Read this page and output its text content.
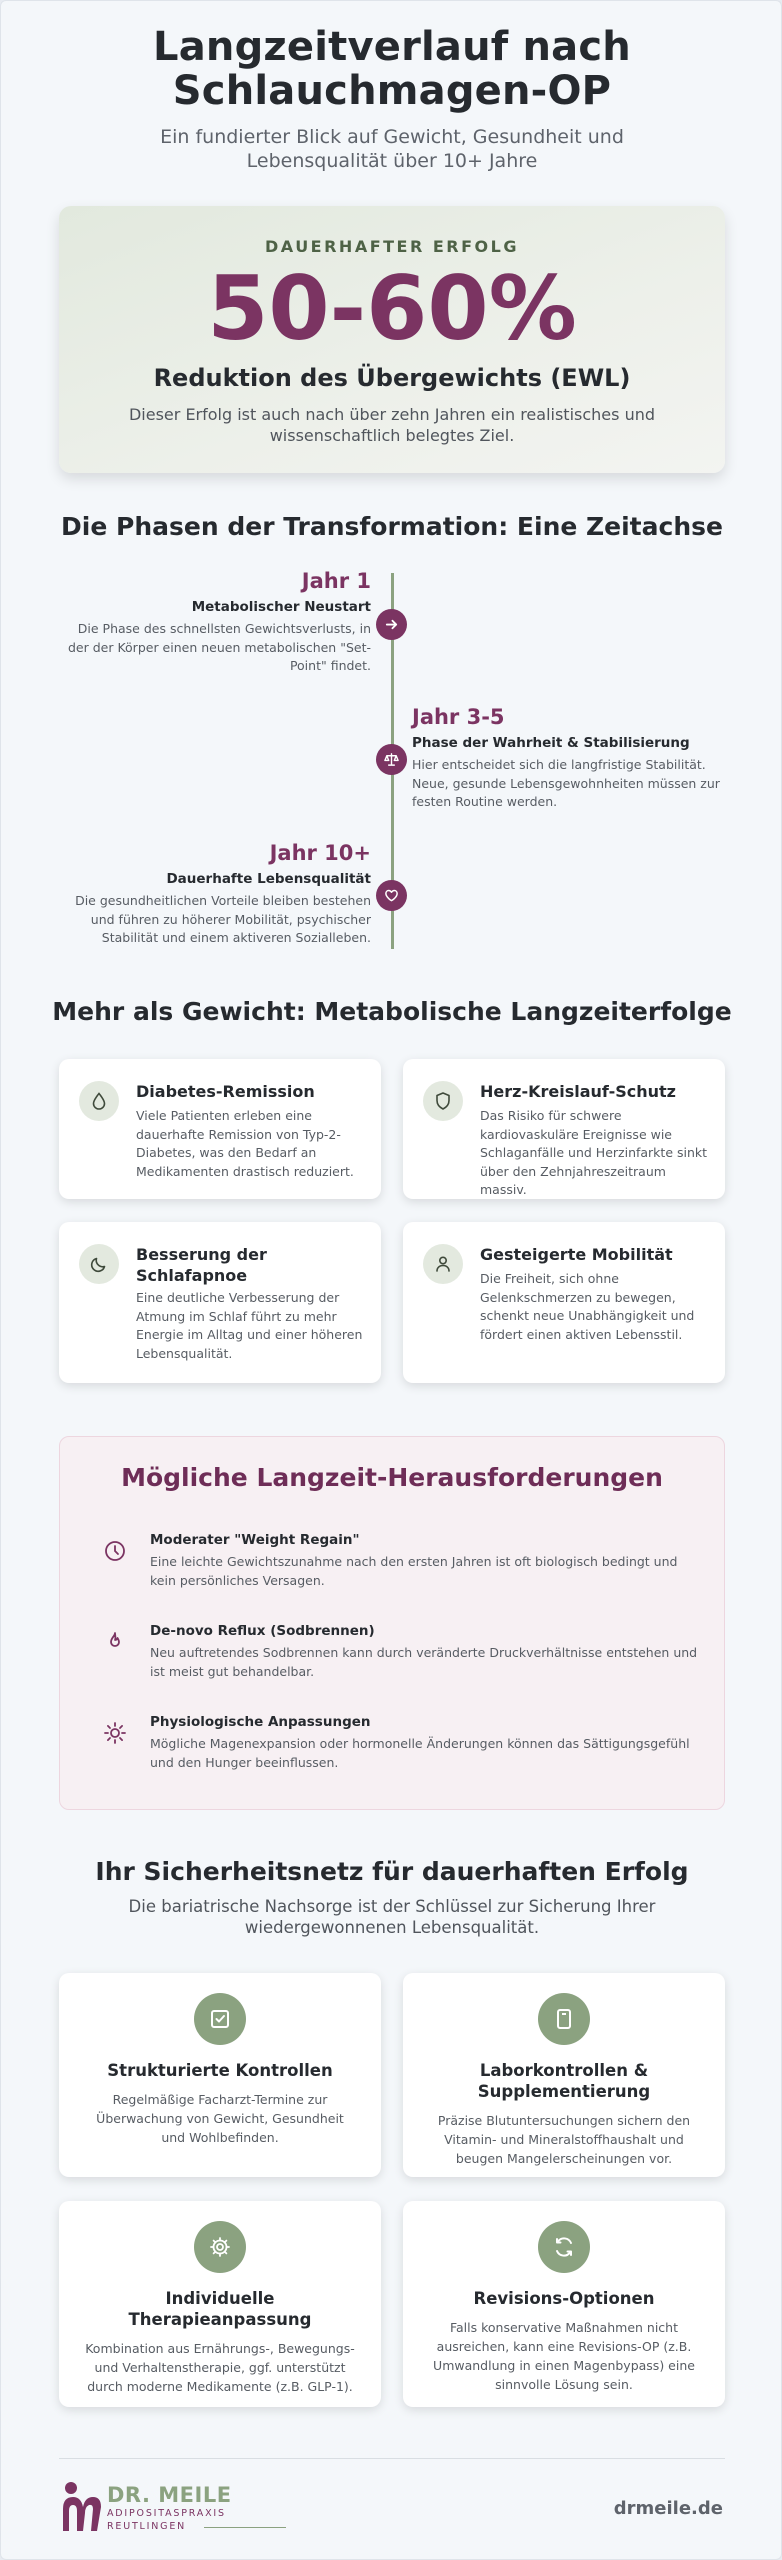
Langzeitverlauf nach
Schlauchmagen-OP
Ein fundierter Blick auf Gewicht, Gesundheit und Lebensqualität über 10+ Jahre
DAUERHAFTER ERFOLG
50-60%
Reduktion des Übergewichts (EWL)
Dieser Erfolg ist auch nach über zehn Jahren ein realistisches und wissenschaftlich belegtes Ziel.
Die Phasen der Transformation: Eine Zeitachse
Jahr 1
Metabolischer Neustart
Die Phase des schnellsten Gewichtsverlusts, in der der Körper einen neuen metabolischen "Set-Point" findet.
Jahr 3-5
Phase der Wahrheit & Stabilisierung
Hier entscheidet sich die langfristige Stabilität. Neue, gesunde Lebensgewohnheiten müssen zur festen Routine werden.
Jahr 10+
Dauerhafte Lebensqualität
Die gesundheitlichen Vorteile bleiben bestehen und führen zu höherer Mobilität, psychischer Stabilität und einem aktiveren Sozialleben.
Mehr als Gewicht: Metabolische Langzeiterfolge
Diabetes-Remission
Viele Patienten erleben eine dauerhafte Remission von Typ-2-Diabetes, was den Bedarf an Medikamenten drastisch reduziert.
Herz-Kreislauf-Schutz
Das Risiko für schwere kardiovaskuläre Ereignisse wie Schlaganfälle und Herzinfarkte sinkt über den Zehnjahreszeitraum massiv.
Besserung der Schlafapnoe
Eine deutliche Verbesserung der Atmung im Schlaf führt zu mehr Energie im Alltag und einer höheren Lebensqualität.
Gesteigerte Mobilität
Die Freiheit, sich ohne Gelenkschmerzen zu bewegen, schenkt neue Unabhängigkeit und fördert einen aktiven Lebensstil.
Mögliche Langzeit-Herausforderungen
Moderater "Weight Regain"
Eine leichte Gewichtszunahme nach den ersten Jahren ist oft biologisch bedingt und kein persönliches Versagen.
De-novo Reflux (Sodbrennen)
Neu auftretendes Sodbrennen kann durch veränderte Druckverhältnisse entstehen und ist meist gut behandelbar.
Physiologische Anpassungen
Mögliche Magenexpansion oder hormonelle Änderungen können das Sättigungsgefühl und den Hunger beeinflussen.
Ihr Sicherheitsnetz für dauerhaften Erfolg
Die bariatrische Nachsorge ist der Schlüssel zur Sicherung Ihrer wiedergewonnenen Lebensqualität.
Strukturierte Kontrollen
Regelmäßige Facharzt-Termine zur Überwachung von Gewicht, Gesundheit und Wohlbefinden.
Laborkontrollen & Supplementierung
Präzise Blutuntersuchungen sichern den Vitamin- und Mineralstoffhaushalt und beugen Mangelerscheinungen vor.
Individuelle Therapieanpassung
Kombination aus Ernährungs-, Bewegungs- und Verhaltenstherapie, ggf. unterstützt durch moderne Medikamente (z.B. GLP-1).
Revisions-Optionen
Falls konservative Maßnahmen nicht ausreichen, kann eine Revisions-OP (z.B. Umwandlung in einen Magenbypass) eine sinnvolle Lösung sein.
DR. MEILE
ADIPOSITASPRAXIS
REUTLINGEN
drmeile.de
